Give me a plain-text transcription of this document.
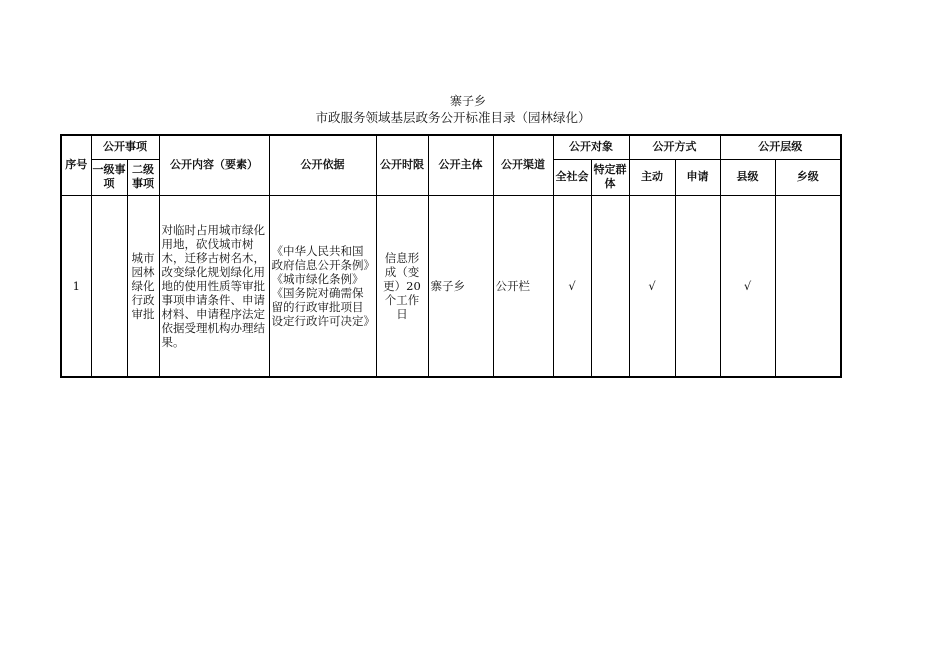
寨子乡
市政服务领域基层政务公开标准目录（园林绿化）
序号	公开事项		公开内容（要素）	公开依据	公开时限	公开主体	公开渠道	公开对象		公开方式		公开层级	
	一级事项	二级事项						全社会	特定群体	主动	申请	县级	乡级
1		城市园林绿化行政审批	对临时占用城市绿化用地，砍伐城市树木，迁移古树名木，改变绿化规划绿化用地的使用性质等审批事项申请条件、申请材料、申请程序法定依据受理机构办理结果。	《中华人民共和国政府信息公开条例》《城市绿化条例》《国务院对确需保留的行政审批项目设定行政许可决定》	信息形成（变更）20个工作日	寨子乡	公开栏	√		√		√	
